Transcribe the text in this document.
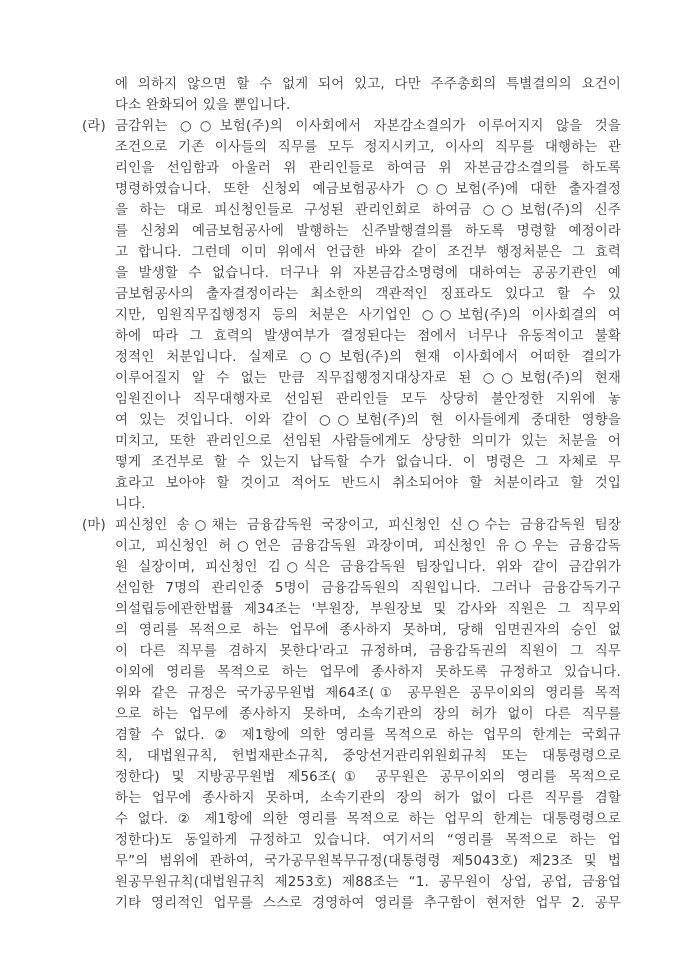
에 의하지 않으면 할 수 없게 되어 있고, 다만 주주총회의 특별결의의 요건이
다소 완화되어 있을 뿐입니다.
(라) 금감위는 ○○보험(주)의 이사회에서 자본감소결의가 이루어지지 않을 것을
조건으로 기존 이사들의 직무를 모두 정지시키고, 이사의 직무를 대행하는 관
리인을 선임함과 아울러 위 관리인들로 하여금 위 자본금감소결의를 하도록
명령하였습니다. 또한 신청외 예금보험공사가 ○○보험(주)에 대한 출자결정
을 하는 대로 피신청인들로 구성된 관리인회로 하여금 ○○보험(주)의 신주
를 신청외 예금보험공사에 발행하는 신주발행결의를 하도록 명령할 예정이라
고 합니다. 그런데 이미 위에서 언급한 바와 같이 조건부 행정처분은 그 효력
을 발생할 수 없습니다. 더구나 위 자본금감소명령에 대하여는 공공기관인 예
금보험공사의 출자결정이라는 최소한의 객관적인 징표라도 있다고 할 수 있
지만, 임원직무집행정지 등의 처분은 사기업인 ○○보험(주)의 이사회결의 여
하에 따라 그 효력의 발생여부가 결정된다는 점에서 너무나 유동적이고 불확
정적인 처분입니다. 실제로 ○○보험(주)의 현재 이사회에서 어떠한 결의가
이루어질지 알 수 없는 만큼 직무집행정지대상자로 된 ○○보험(주)의 현재
임원진이나 직무대행자로 선임된 관리인들 모두 상당히 불안정한 지위에 놓
여 있는 것입니다. 이와 같이 ○○보험(주)의 현 이사들에게 중대한 영향을
미치고, 또한 관리인으로 선임된 사람들에게도 상당한 의미가 있는 처분을 어
떻게 조건부로 할 수 있는지 납득할 수가 없습니다. 이 명령은 그 자체로 무
효라고 보아야 할 것이고 적어도 반드시 취소되어야 할 처분이라고 할 것입
니다.
(마) 피신청인 송○채는 금융감독원 국장이고, 피신청인 신○수는 금융감독원 팀장
이고, 피신청인 허○언은 금융감독원 과장이며, 피신청인 유○우는 금융감독
원 실장이며, 피신청인 김○식은 금융감독원 팀장입니다. 위와 같이 금감위가
선임한 7명의 관리인중 5명이 금융감독원의 직원입니다. 그러나 금융감독기구
의설립등에관한법률 제34조는 '부원장, 부원장보 및 감사와 직원은 그 직무외
의 영리를 목적으로 하는 업무에 종사하지 못하며, 당해 임면권자의 승인 없
이 다른 직무를 겸하지 못한다'라고 규정하며, 금융감독권의 직원이 그 직무
이외에 영리를 목적으로 하는 업무에 종사하지 못하도록 규정하고 있습니다.
위와 같은 규정은 국가공무원법 제64조(① 공무원은 공무이외의 영리를 목적
으로 하는 업무에 종사하지 못하며, 소속기관의 장의 허가 없이 다른 직무를
겸할 수 없다. ② 제1항에 의한 영리를 목적으로 하는 업무의 한계는 국회규
칙, 대법원규칙, 헌법재판소규칙, 중앙선거관리위원회규칙 또는 대통령령으로
정한다) 및 지방공무원법 제56조(① 공무원은 공무이외의 영리를 목적으로
하는 업무에 종사하지 못하며, 소속기관의 장의 허가 없이 다른 직무를 겸할
수 없다. ② 제1항에 의한 영리를 목적으로 하는 업무의 한계는 대통령령으로
정한다)도 동일하게 규정하고 있습니다. 여기서의 “영리를 목적으로 하는 업
무”의 범위에 관하여, 국가공무원복무규정(대통령령 제5043호) 제23조 및 법
원공무원규칙(대법원규칙 제253호) 제88조는 “1. 공무원이 상업, 공업, 금융업
기타 영리적인 업무를 스스로 경영하여 영리를 추구함이 현저한 업무 2. 공무
